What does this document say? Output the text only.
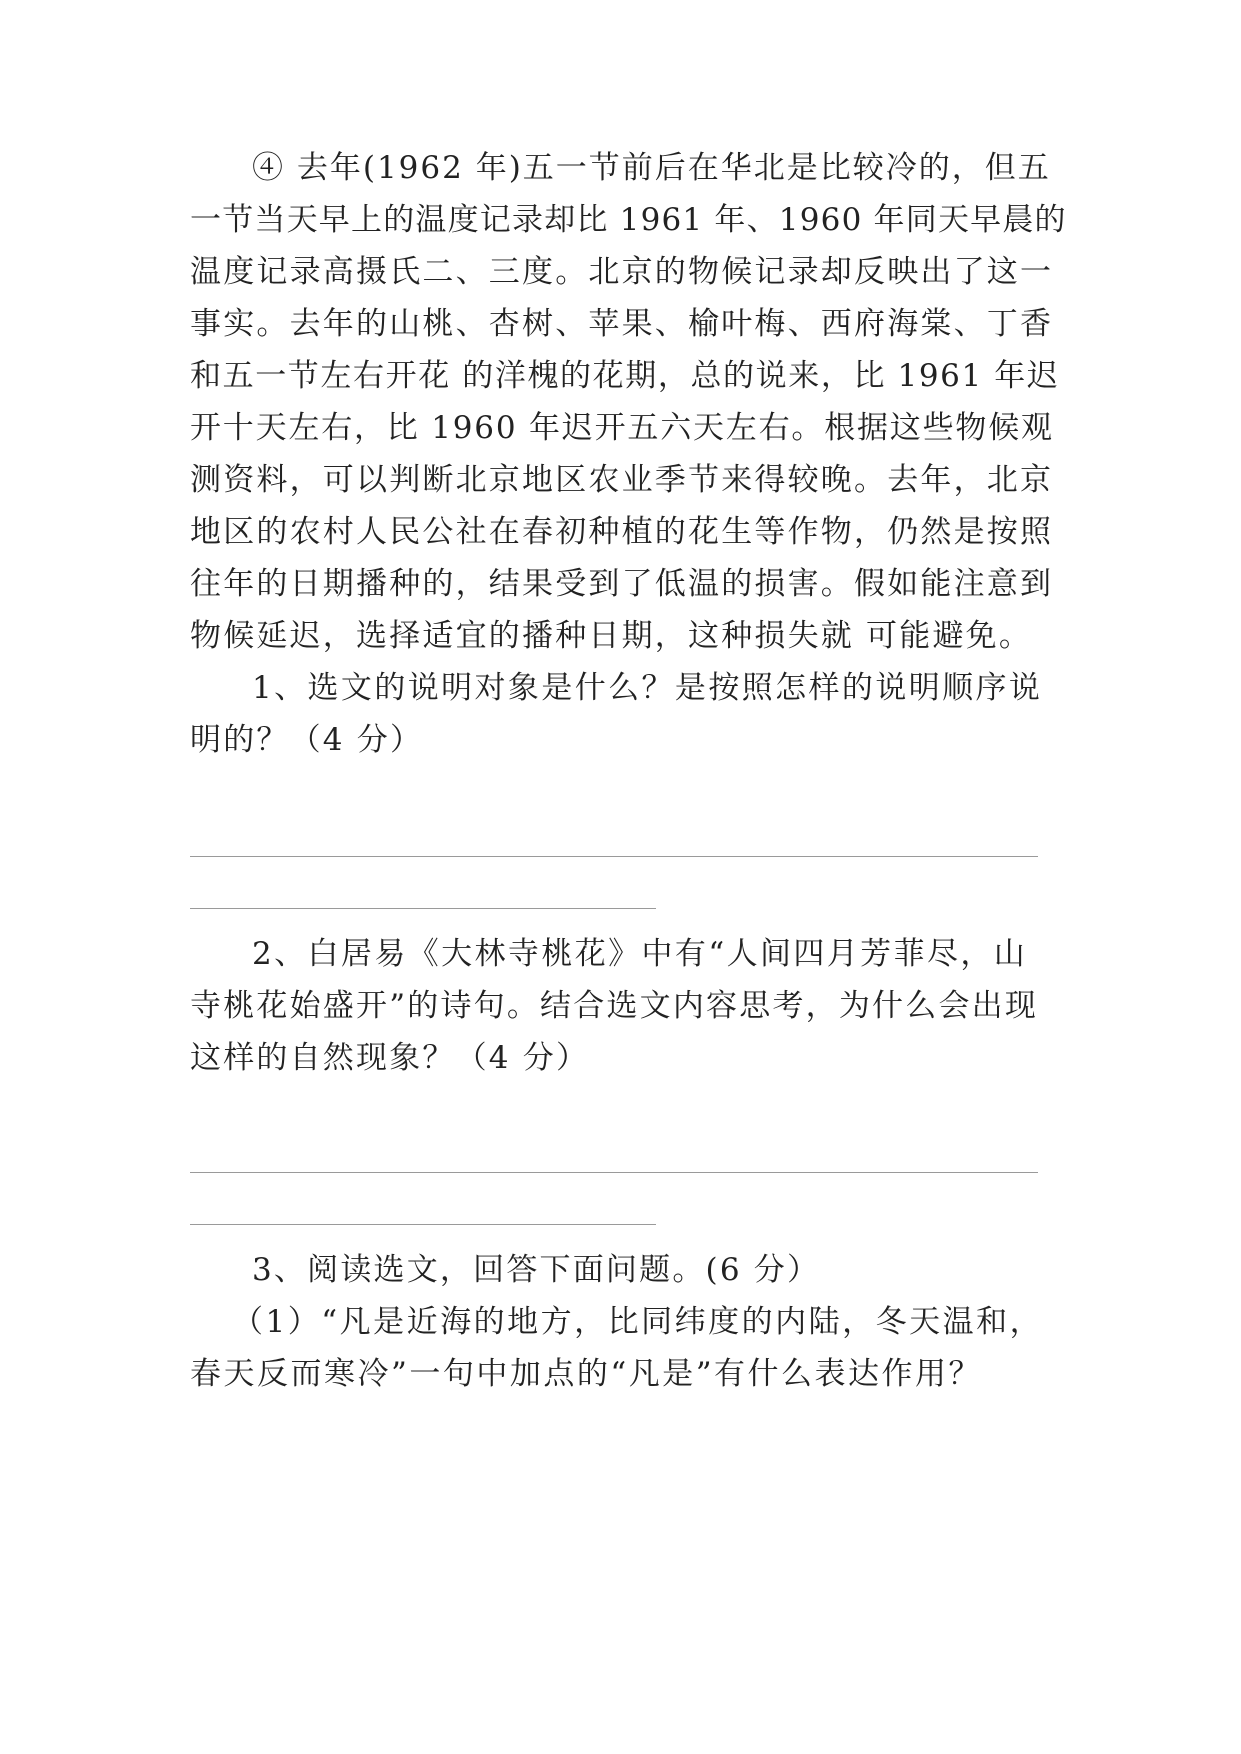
④ 去年(1962 年)五一节前后在华北是比较冷的，但五
一节当天早上的温度记录却比 1961 年、1960 年同天早晨的
温度记录高摄氏二、三度。北京的物候记录却反映出了这一
事实。去年的山桃、杏树、苹果、榆叶梅、西府海棠、丁香
和五一节左右开花 的洋槐的花期，总的说来，比 1961 年迟
开十天左右，比 1960 年迟开五六天左右。根据这些物候观
测资料，可以判断北京地区农业季节来得较晚。去年，北京
地区的农村人民公社在春初种植的花生等作物，仍然是按照
往年的日期播种的，结果受到了低温的损害。假如能注意到
物候延迟，选择适宜的播种日期，这种损失就 可能避免。
1、选文的说明对象是什么？是按照怎样的说明顺序说
明的？（4 分）
2、白居易《大林寺桃花》中有“人间四月芳菲尽，山
寺桃花始盛开”的诗句。结合选文内容思考，为什么会出现
这样的自然现象？（4 分）
3、阅读选文，回答下面问题。(6 分）
（1）“凡是近海的地方，比同纬度的内陆，冬天温和，
春天反而寒冷”一句中加点的“凡是”有什么表达作用？
